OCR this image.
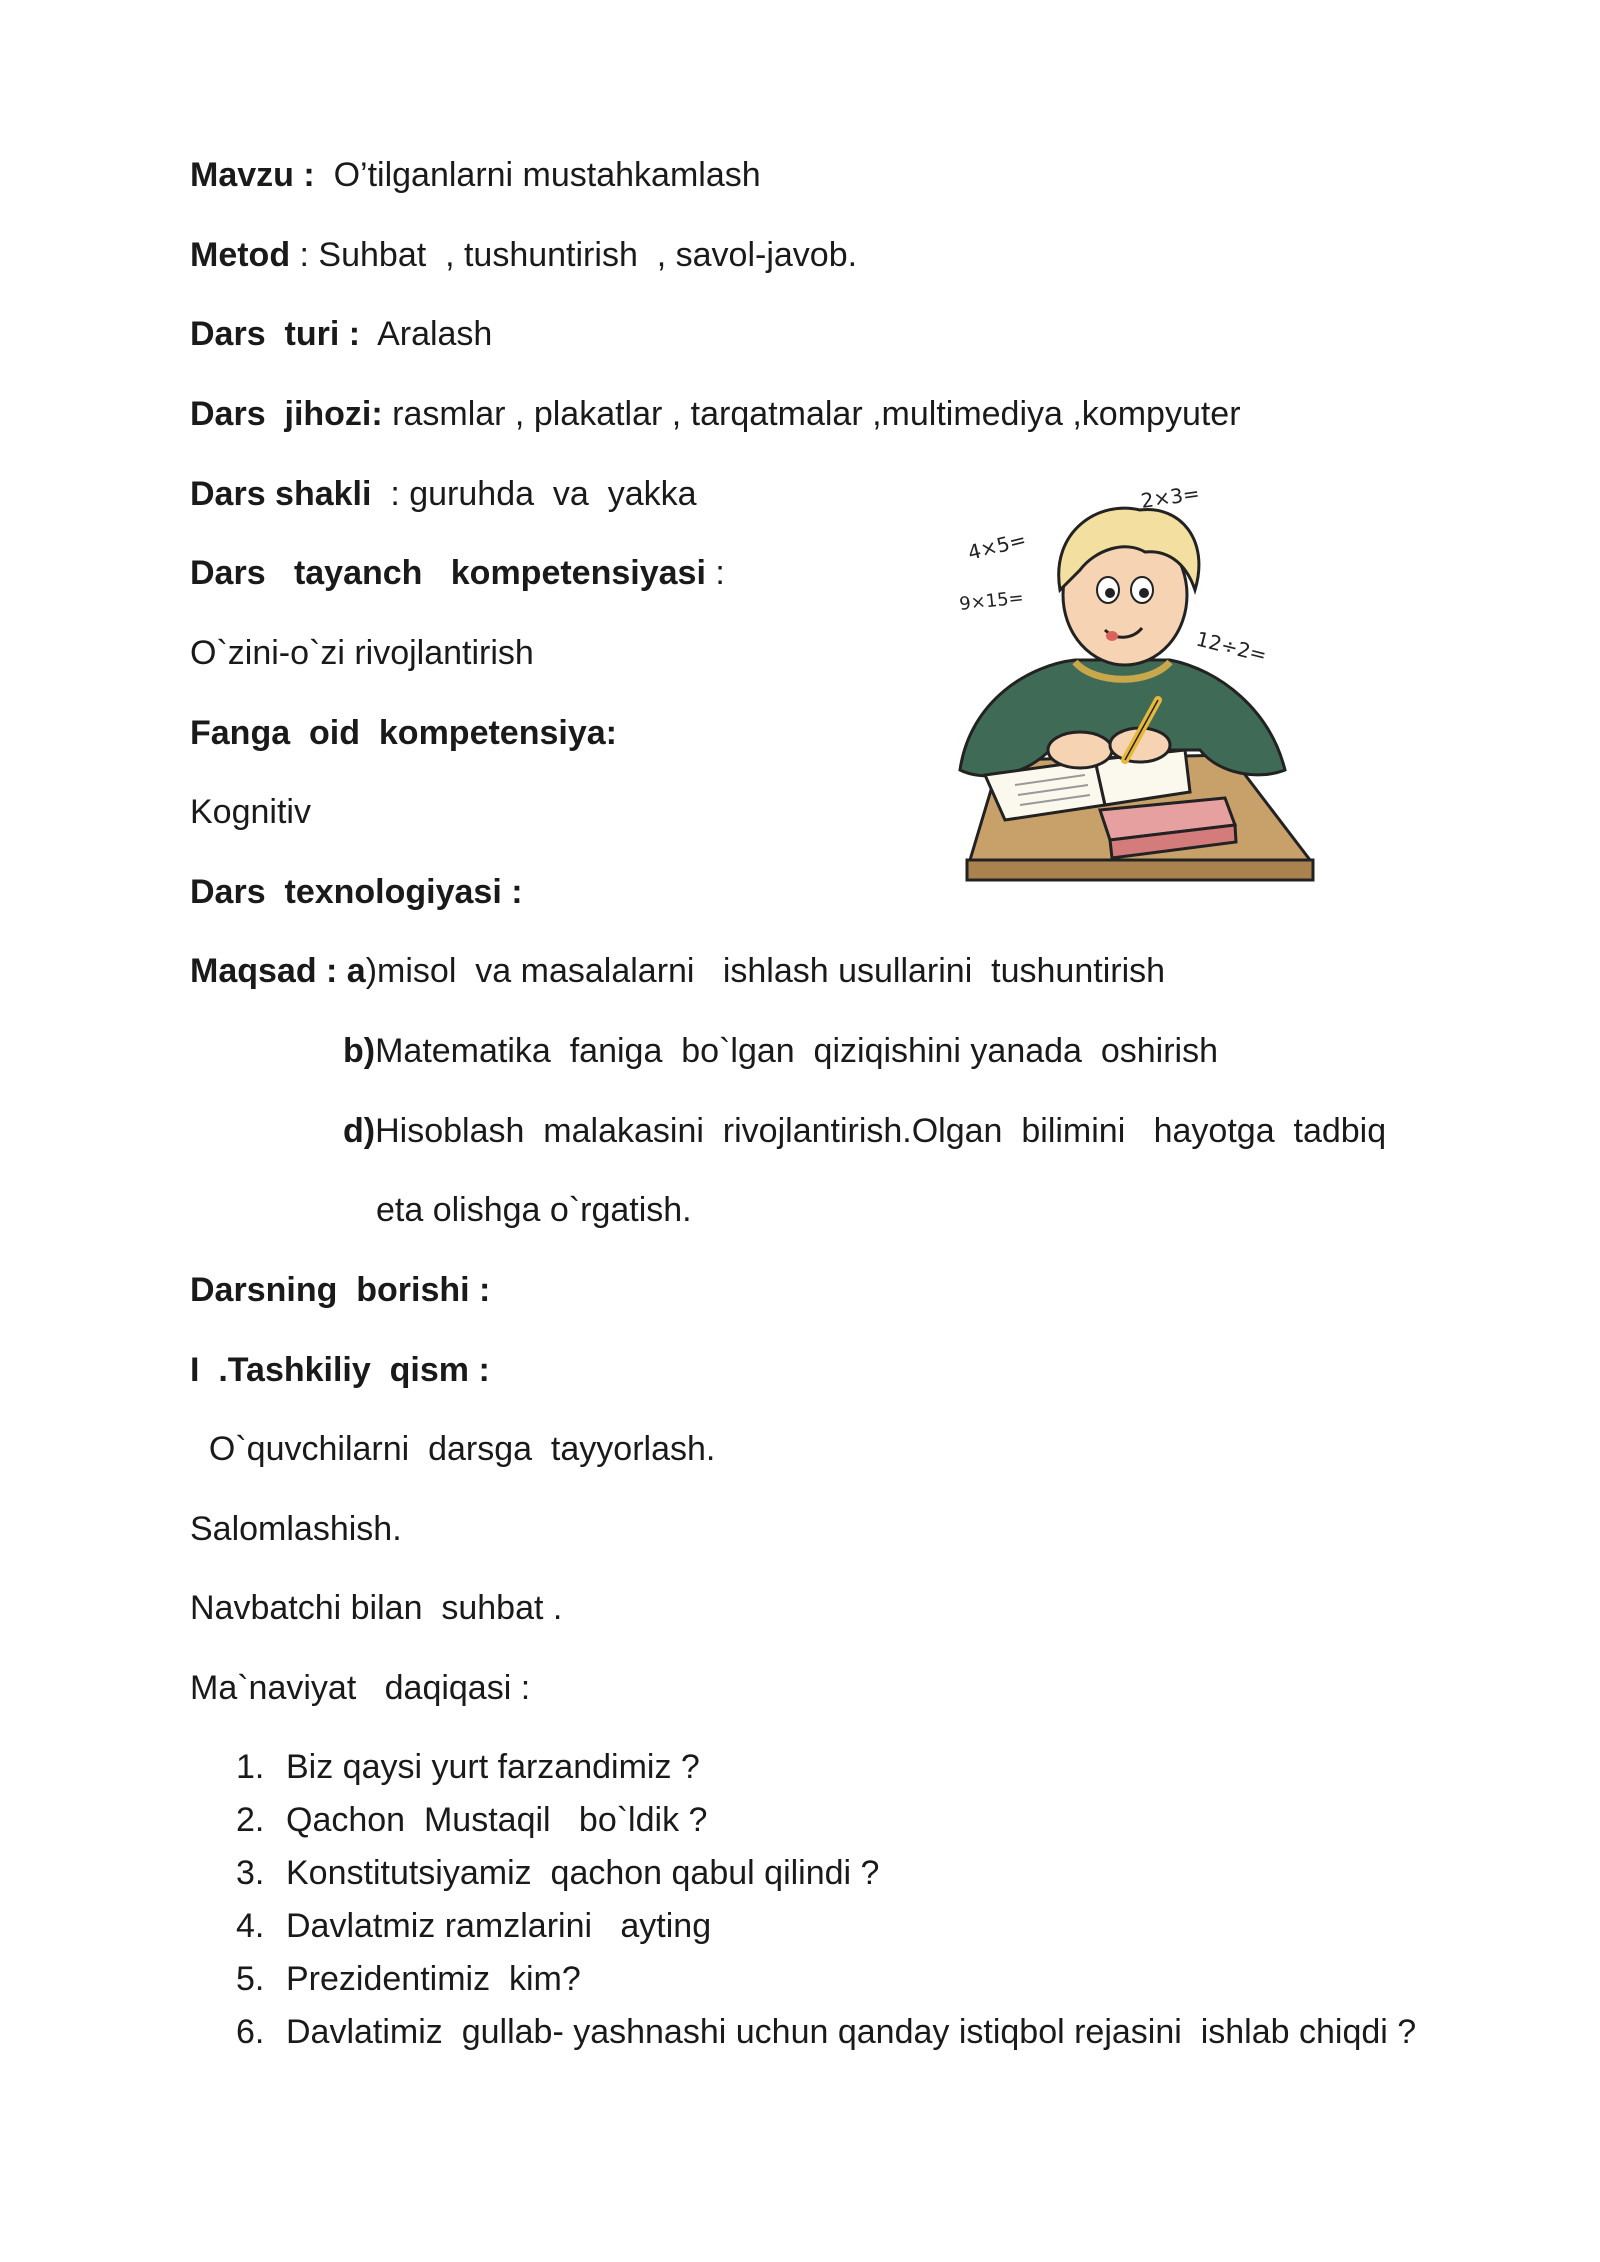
Mavzu :  O’tilganlarni mustahkamlash
Metod : Suhbat  , tushuntirish  , savol-javob.
Dars  turi :  Aralash
Dars  jihozi: rasmlar , plakatlar , tarqatmalar ,multimediya ,kompyuter
Dars shakli  : guruhda  va  yakka
Dars   tayanch   kompetensiyasi :
O`zini-o`zi rivojlantirish
Fanga  oid  kompetensiya:
Kognitiv
Dars  texnologiyasi :
Maqsad : a)misol  va masalalarni   ishlash usullarini  tushuntirish
b)Matematika  faniga  bo`lgan  qiziqishini yanada  oshirish
d)Hisoblash  malakasini  rivojlantirish.Olgan  bilimini   hayotga  tadbiq
eta olishga o`rgatish.
Darsning  borishi :
I  .Tashkiliy  qism :
O`quvchilarni  darsga  tayyorlash.
Salomlashish.
Navbatchi bilan  suhbat .
Ma`naviyat   daqiqasi :
1. Biz qaysi yurt farzandimiz ?
2. Qachon  Mustaqil   bo`ldik ?
3. Konstitutsiyamiz  qachon qabul qilindi ?
4. Davlatmiz ramzlarini   ayting
5. Prezidentimiz  kim?
6. Davlatimiz  gullab- yashnashi uchun qanday istiqbol rejasini  ishlab chiqdi ?
2×3=
4×5=
9×15=
12÷2=
